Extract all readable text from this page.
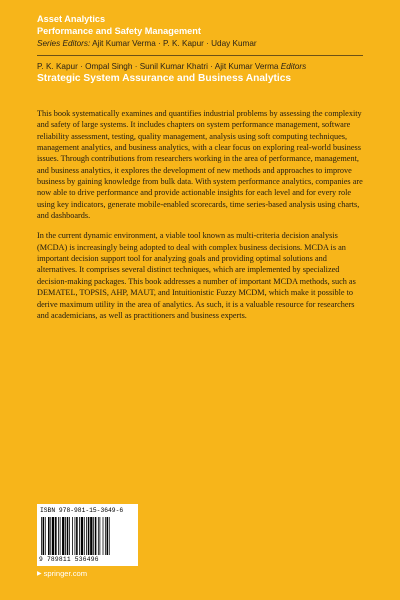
Asset Analytics
Performance and Safety Management
Series Editors: Ajit Kumar Verma · P. K. Kapur · Uday Kumar
P. K. Kapur · Ompal Singh · Sunil Kumar Khatri · Ajit Kumar Verma Editors
Strategic System Assurance and Business Analytics

This book systematically examines and quantifies industrial problems by assessing the complexity and safety of large systems. It includes chapters on system performance management, software reliability assessment, testing, quality management, analysis using soft computing techniques, management analytics, and business analytics, with a clear focus on exploring real-world business issues. Through contributions from researchers working in the area of performance, management, and business analytics, it explores the development of new methods and approaches to improve business by gaining knowledge from bulk data. With system performance analytics, companies are now able to drive performance and provide actionable insights for each level and for every role using key indicators, generate mobile-enabled scorecards, time series-based analysis using charts, and dashboards.

In the current dynamic environment, a viable tool known as multi-criteria decision analysis (MCDA) is increasingly being adopted to deal with complex business decisions. MCDA is an important decision support tool for analyzing goals and providing optimal solutions and alternatives. It comprises several distinct techniques, which are implemented by specialized decision-making packages. This book addresses a number of important MCDA methods, such as DEMATEL, TOPSIS, AHP, MAUT, and Intuitionistic Fuzzy MCDM, which make it possible to derive maximum utility in the area of analytics. As such, it is a valuable resource for researchers and academicians, as well as practitioners and business experts.

ISBN 978-981-15-3649-6
9 789811 536496
▶ springer.com
